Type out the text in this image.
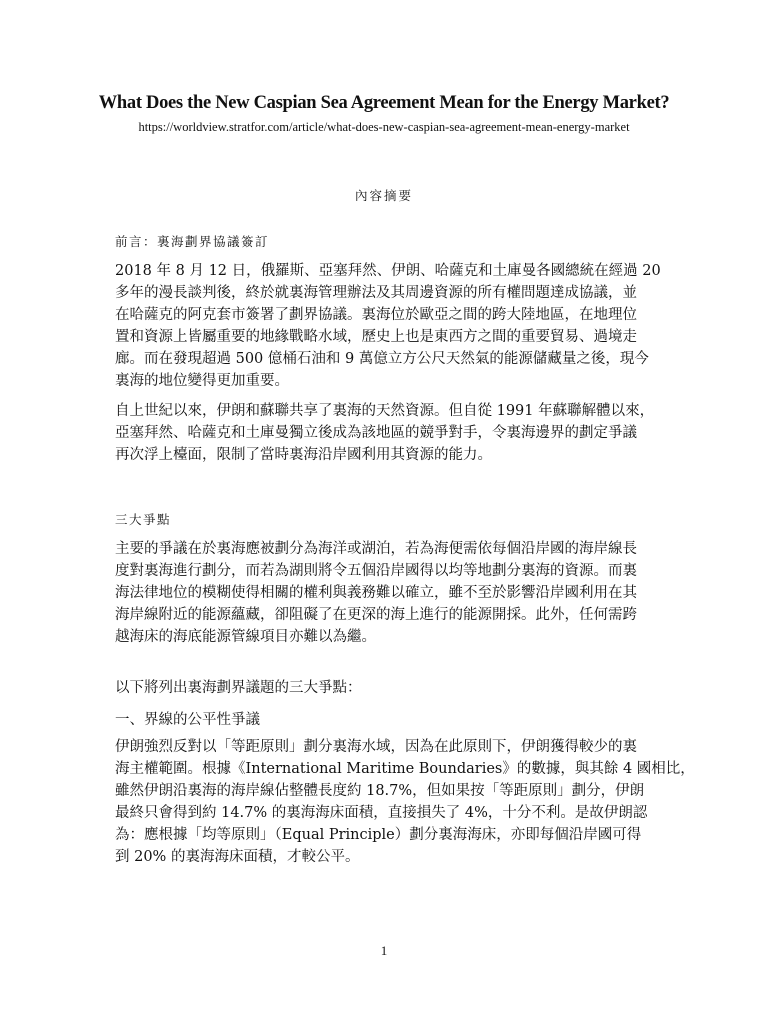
What Does the New Caspian Sea Agreement Mean for the Energy Market?
https://worldview.stratfor.com/article/what-does-new-caspian-sea-agreement-mean-energy-market
內容摘要
前言：裏海劃界協議簽訂
2018 年 8 月 12 日，俄羅斯、亞塞拜然、伊朗、哈薩克和土庫曼各國總統在經過 20
多年的漫長談判後，終於就裏海管理辦法及其周邊資源的所有權問題達成協議，並
在哈薩克的阿克套市簽署了劃界協議。裏海位於歐亞之間的跨大陸地區，在地理位
置和資源上皆屬重要的地緣戰略水域，歷史上也是東西方之間的重要貿易、過境走
廊。而在發現超過 500 億桶石油和 9 萬億立方公尺天然氣的能源儲藏量之後，現今
裏海的地位變得更加重要。
自上世紀以來，伊朗和蘇聯共享了裏海的天然資源。但自從 1991 年蘇聯解體以來，
亞塞拜然、哈薩克和土庫曼獨立後成為該地區的競爭對手，令裏海邊界的劃定爭議
再次浮上檯面，限制了當時裏海沿岸國利用其資源的能力。
三大爭點
主要的爭議在於裏海應被劃分為海洋或湖泊，若為海便需依每個沿岸國的海岸線長
度對裏海進行劃分，而若為湖則將令五個沿岸國得以均等地劃分裏海的資源。而裏
海法律地位的模糊使得相關的權利與義務難以確立，雖不至於影響沿岸國利用在其
海岸線附近的能源蘊藏，卻阻礙了在更深的海上進行的能源開採。此外，任何需跨
越海床的海底能源管線項目亦難以為繼。
以下將列出裏海劃界議題的三大爭點：
一、界線的公平性爭議
伊朗強烈反對以「等距原則」劃分裏海水域，因為在此原則下，伊朗獲得較少的裏
海主權範圍。根據《International Maritime Boundaries》的數據，與其餘 4 國相比，
雖然伊朗沿裏海的海岸線佔整體長度約 18.7%，但如果按「等距原則」劃分，伊朗
最終只會得到約 14.7% 的裏海海床面積，直接損失了 4%，十分不利。是故伊朗認
為：應根據「均等原則」（Equal Principle）劃分裏海海床，亦即每個沿岸國可得
到 20% 的裏海海床面積，才較公平。
1
